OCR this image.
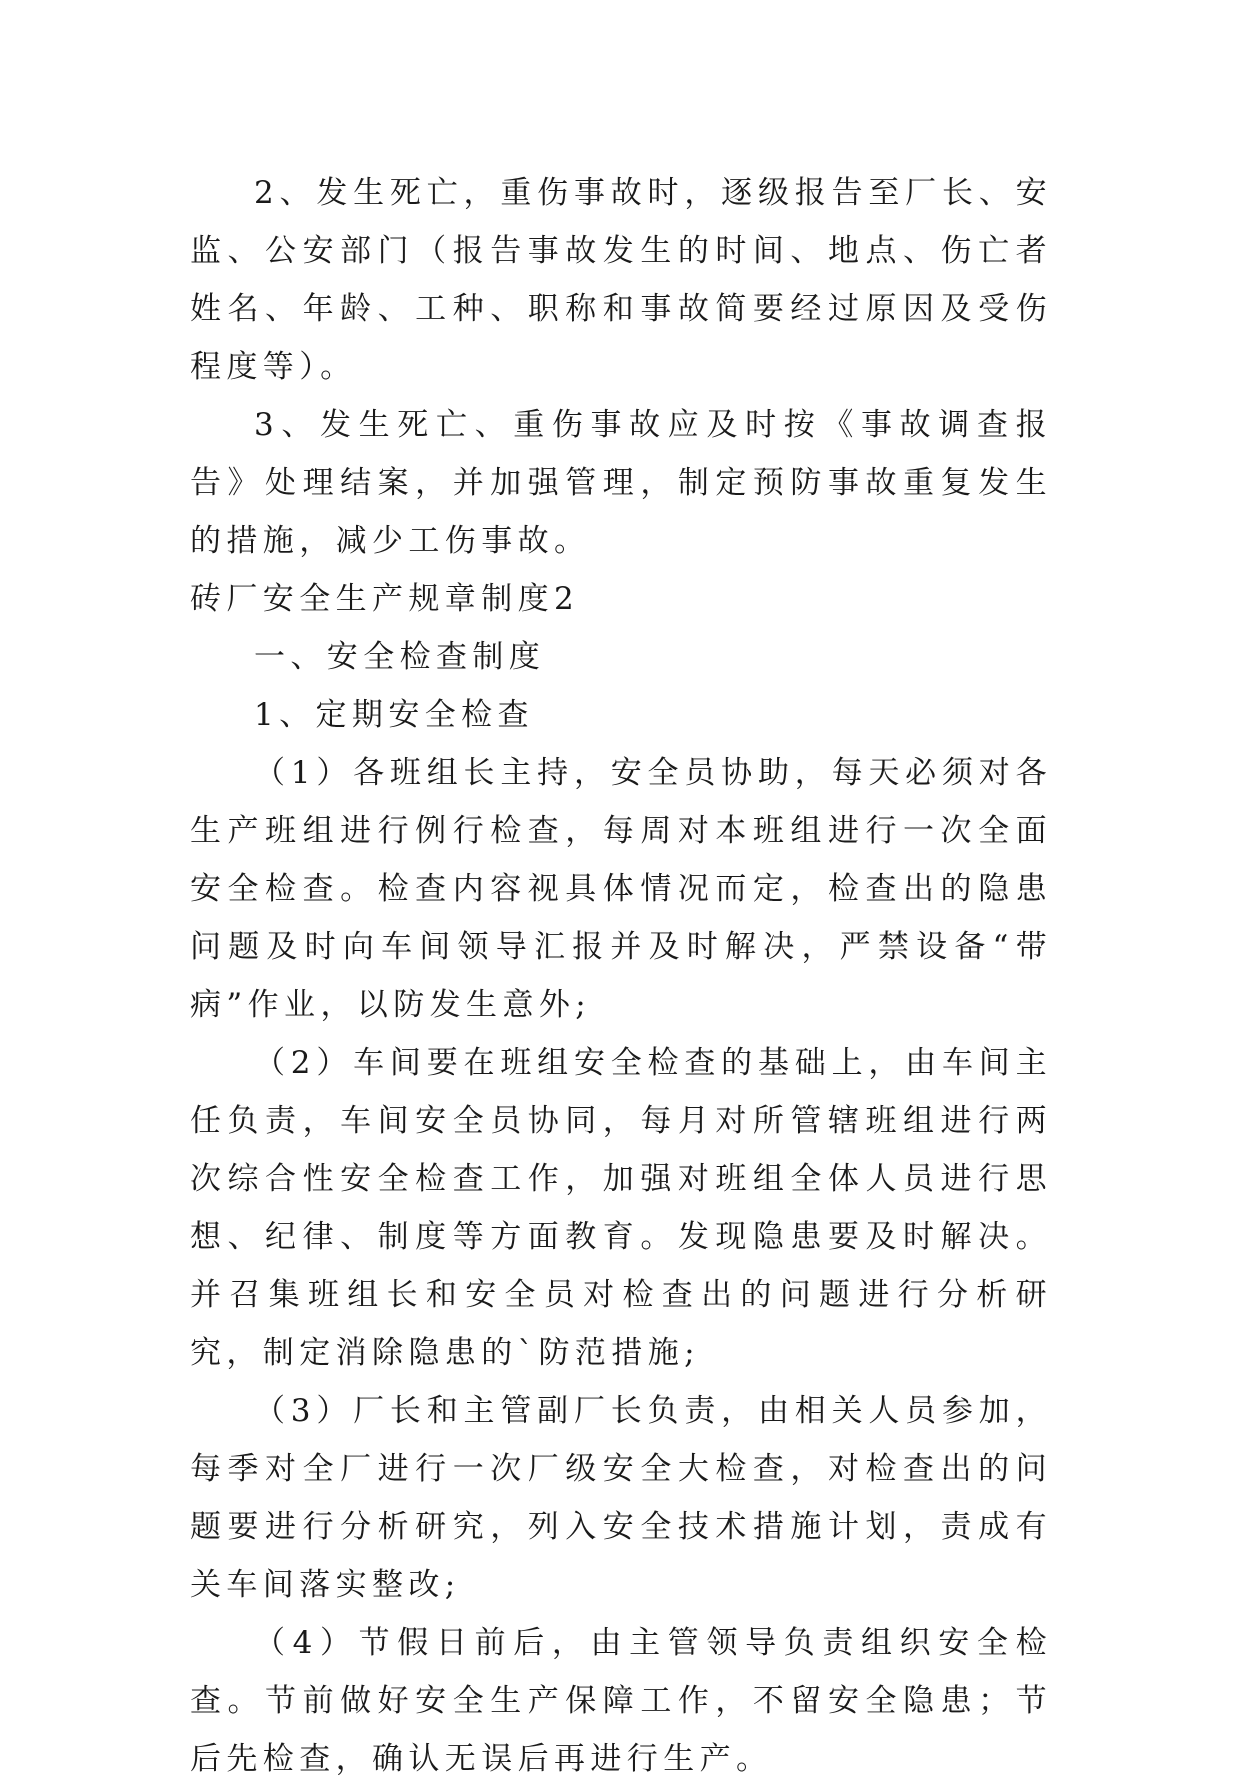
2、发生死亡，重伤事故时，逐级报告至厂长、安监、公安部门（报告事故发生的时间、地点、伤亡者姓名、年龄、工种、职称和事故简要经过原因及受伤程度等）。

3、发生死亡、重伤事故应及时按《事故调查报告》处理结案，并加强管理，制定预防事故重复发生的措施，减少工伤事故。

砖厂安全生产规章制度2

一、安全检查制度

1、定期安全检查

（1）各班组长主持，安全员协助，每天必须对各生产班组进行例行检查，每周对本班组进行一次全面安全检查。检查内容视具体情况而定，检查出的隐患问题及时向车间领导汇报并及时解决，严禁设备“带病”作业，以防发生意外;

（2）车间要在班组安全检查的基础上，由车间主任负责，车间安全员协同，每月对所管辖班组进行两次综合性安全检查工作，加强对班组全体人员进行思想、纪律、制度等方面教育。发现隐患要及时解决。并召集班组长和安全员对检查出的问题进行分析研究，制定消除隐患的`防范措施;

（3）厂长和主管副厂长负责，由相关人员参加，每季对全厂进行一次厂级安全大检查，对检查出的问题要进行分析研究，列入安全技术措施计划，责成有关车间落实整改;

（4）节假日前后，由主管领导负责组织安全检查。节前做好安全生产保障工作，不留安全隐患；节后先检查，确认无误后再进行生产。
